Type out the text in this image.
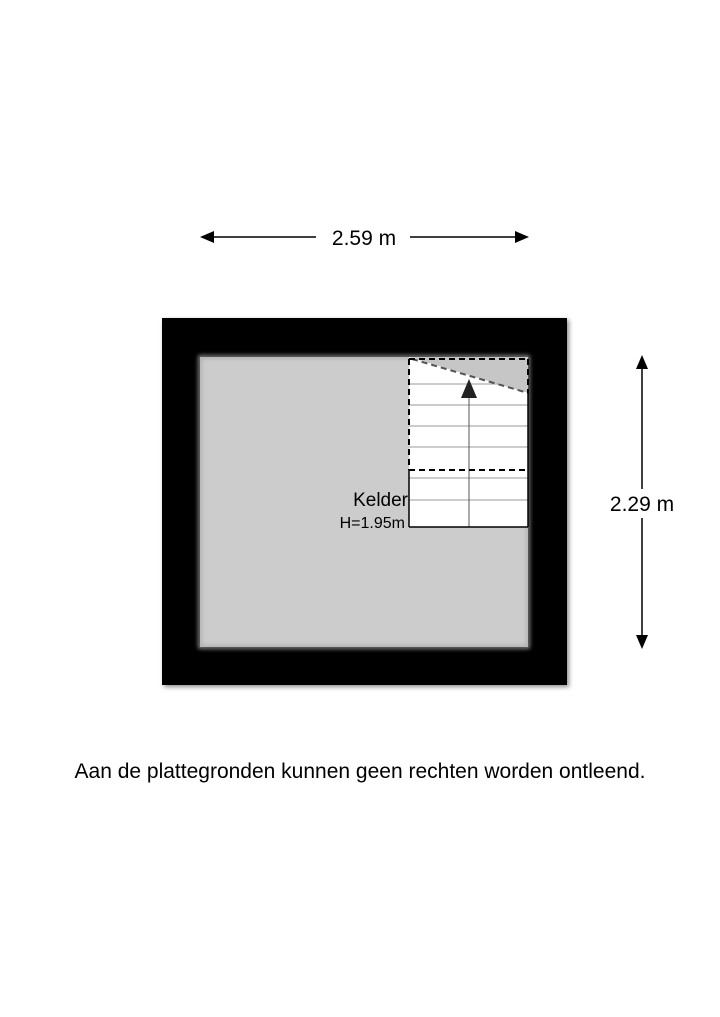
2.59 m
2.29 m
Kelder
H=1.95m
Aan de plattegronden kunnen geen rechten worden ontleend.
